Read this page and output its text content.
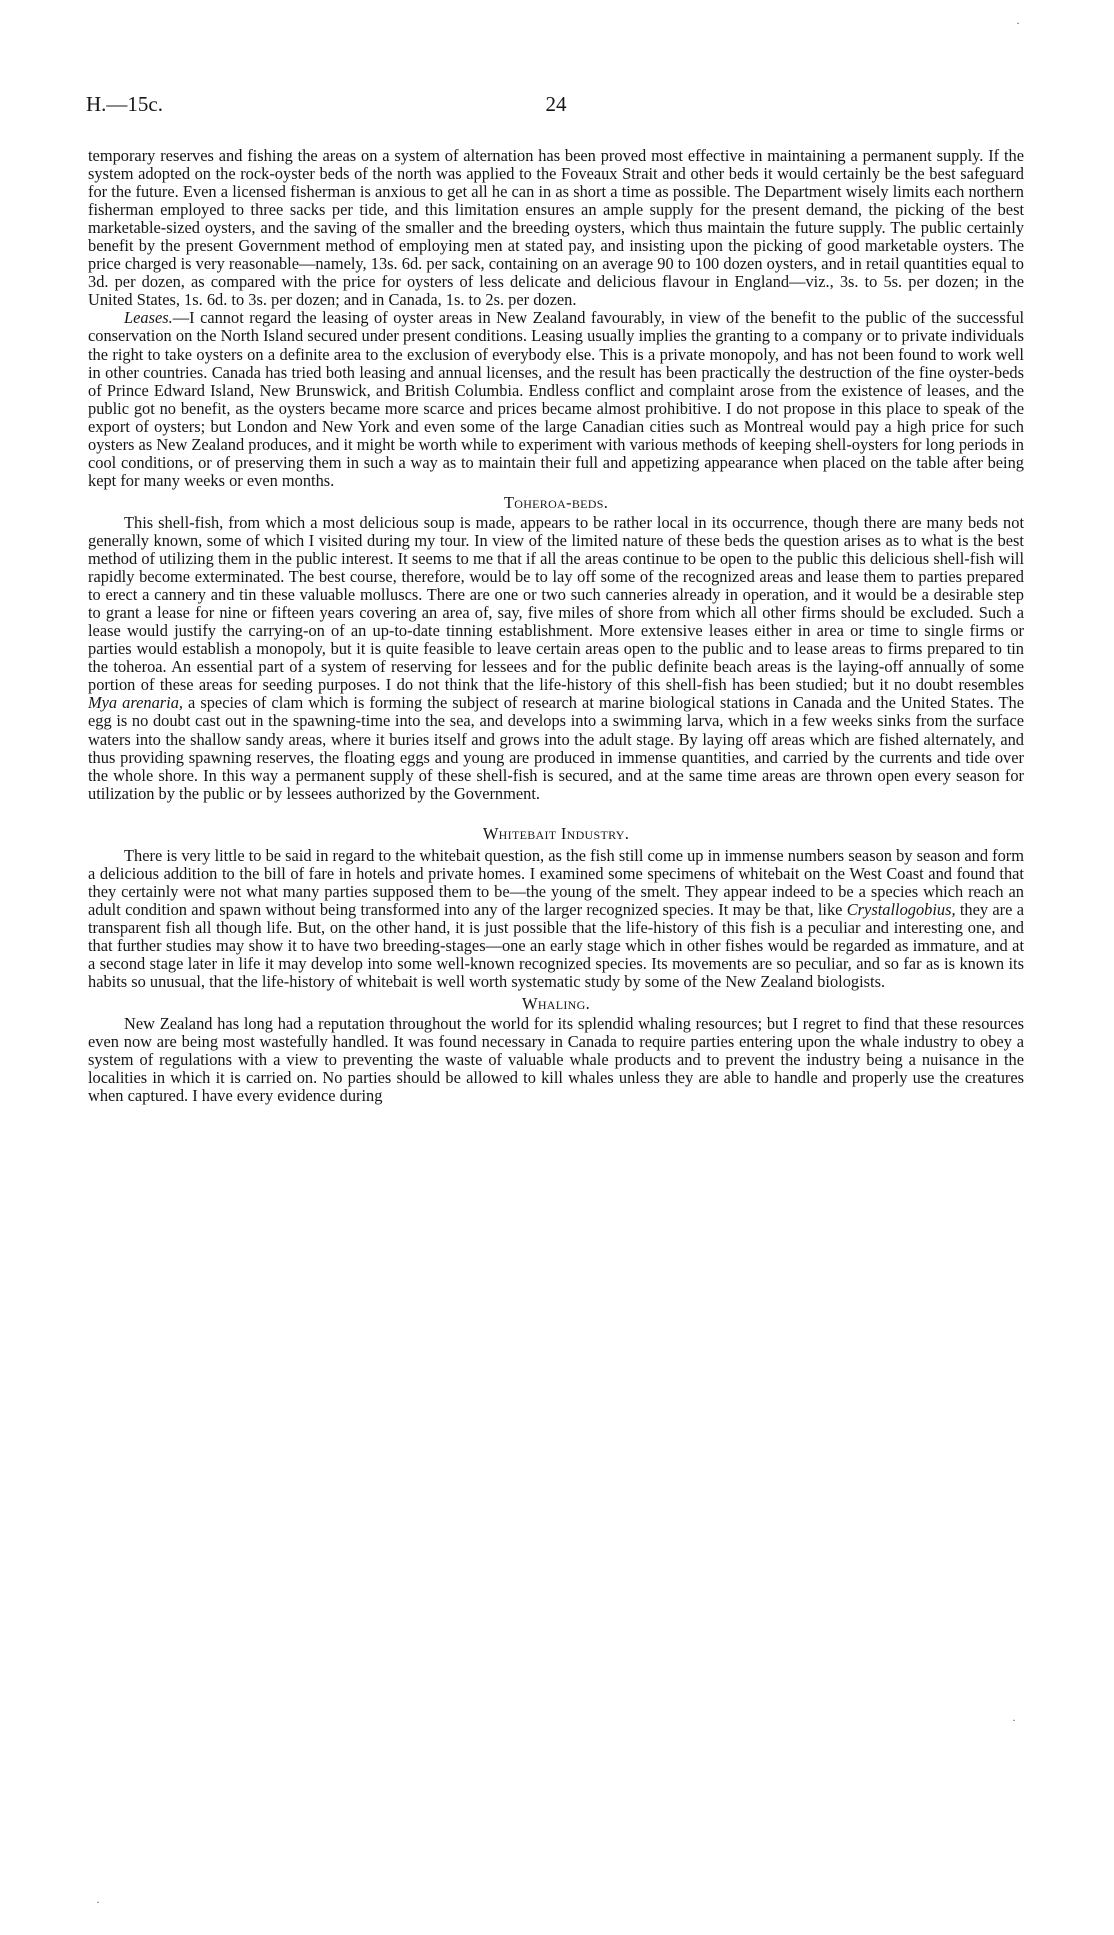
H.—15c.	24
·
·
·

temporary reserves and fishing the areas on a system of alternation has been proved most effective in maintaining a permanent supply. If the system adopted on the rock-oyster beds of the north was applied to the Foveaux Strait and other beds it would certainly be the best safeguard for the future. Even a licensed fisherman is anxious to get all he can in as short a time as possible. The Department wisely limits each northern fisherman employed to three sacks per tide, and this limitation ensures an ample supply for the present demand, the picking of the best marketable-sized oysters, and the saving of the smaller and the breeding oysters, which thus maintain the future supply. The public certainly benefit by the present Government method of employing men at stated pay, and insisting upon the picking of good marketable oysters. The price charged is very reasonable—namely, 13s. 6d. per sack, containing on an average 90 to 100 dozen oysters, and in retail quantities equal to 3d. per dozen, as compared with the price for oysters of less delicate and delicious flavour in England—viz., 3s. to 5s. per dozen; in the United States, 1s. 6d. to 3s. per dozen; and in Canada, 1s. to 2s. per dozen.

Leases.—I cannot regard the leasing of oyster areas in New Zealand favourably, in view of the benefit to the public of the successful conservation on the North Island secured under present conditions. Leasing usually implies the granting to a company or to private individuals the right to take oysters on a definite area to the exclusion of everybody else. This is a private monopoly, and has not been found to work well in other countries. Canada has tried both leasing and annual licenses, and the result has been practically the destruction of the fine oyster-beds of Prince Edward Island, New Brunswick, and British Columbia. Endless conflict and complaint arose from the existence of leases, and the public got no benefit, as the oysters became more scarce and prices became almost prohibitive. I do not propose in this place to speak of the export of oysters; but London and New York and even some of the large Canadian cities such as Montreal would pay a high price for such oysters as New Zealand produces, and it might be worth while to experiment with various methods of keeping shell-oysters for long periods in cool conditions, or of preserving them in such a way as to maintain their full and appetizing appearance when placed on the table after being kept for many weeks or even months.

Toheroa-beds.

This shell-fish, from which a most delicious soup is made, appears to be rather local in its occurrence, though there are many beds not generally known, some of which I visited during my tour. In view of the limited nature of these beds the question arises as to what is the best method of utilizing them in the public interest. It seems to me that if all the areas continue to be open to the public this delicious shell-fish will rapidly become exterminated. The best course, therefore, would be to lay off some of the recognized areas and lease them to parties prepared to erect a cannery and tin these valuable molluscs. There are one or two such canneries already in operation, and it would be a desirable step to grant a lease for nine or fifteen years covering an area of, say, five miles of shore from which all other firms should be excluded. Such a lease would justify the carrying-on of an up-to-date tinning establishment. More extensive leases either in area or time to single firms or parties would establish a monopoly, but it is quite feasible to leave certain areas open to the public and to lease areas to firms prepared to tin the toheroa. An essential part of a system of reserving for lessees and for the public definite beach areas is the laying-off annually of some portion of these areas for seeding purposes. I do not think that the life-history of this shell-fish has been studied; but it no doubt resembles Mya arenaria, a species of clam which is forming the subject of research at marine biological stations in Canada and the United States. The egg is no doubt cast out in the spawning-time into the sea, and develops into a swimming larva, which in a few weeks sinks from the surface waters into the shallow sandy areas, where it buries itself and grows into the adult stage. By laying off areas which are fished alternately, and thus providing spawning reserves, the floating eggs and young are produced in immense quantities, and carried by the currents and tide over the whole shore. In this way a permanent supply of these shell-fish is secured, and at the same time areas are thrown open every season for utilization by the public or by lessees authorized by the Government.

Whitebait Industry.

There is very little to be said in regard to the whitebait question, as the fish still come up in immense numbers season by season and form a delicious addition to the bill of fare in hotels and private homes. I examined some specimens of whitebait on the West Coast and found that they certainly were not what many parties supposed them to be—the young of the smelt. They appear indeed to be a species which reach an adult condition and spawn without being transformed into any of the larger recognized species. It may be that, like Crystallogobius, they are a transparent fish all though life. But, on the other hand, it is just possible that the life-history of this fish is a peculiar and interesting one, and that further studies may show it to have two breeding-stages—one an early stage which in other fishes would be regarded as immature, and at a second stage later in life it may develop into some well-known recognized species. Its movements are so peculiar, and so far as is known its habits so unusual, that the life-history of whitebait is well worth systematic study by some of the New Zealand biologists.

Whaling.

New Zealand has long had a reputation throughout the world for its splendid whaling resources; but I regret to find that these resources even now are being most wastefully handled. It was found necessary in Canada to require parties entering upon the whale industry to obey a system of regulations with a view to preventing the waste of valuable whale products and to prevent the industry being a nuisance in the localities in which it is carried on. No parties should be allowed to kill whales unless they are able to handle and properly use the creatures when captured. I have every evidence during
